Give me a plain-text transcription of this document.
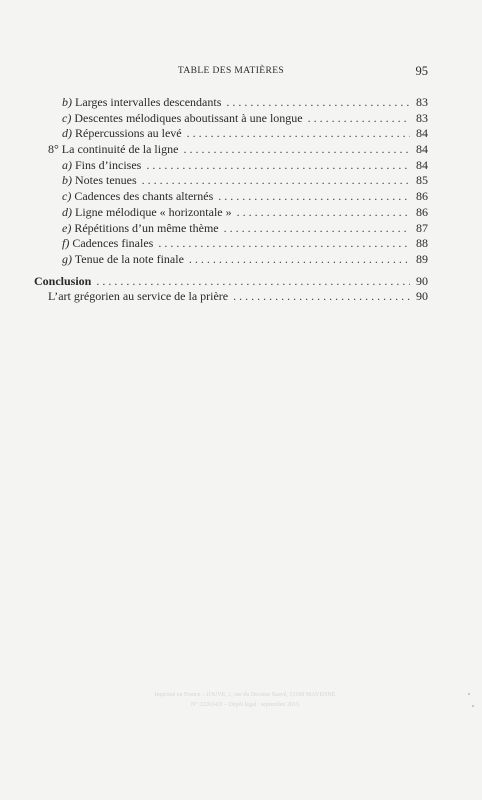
TABLE DES MATIÈRES	95
b) Larges intervalles descendants . . .	83
c) Descentes mélodiques aboutissant à une longue . . .	83
d) Répercussions au levé . . .	84
8° La continuité de la ligne . . .	84
a) Fins d’incises . . .	84
b) Notes tenues . . .	85
c) Cadences des chants alternés . . .	86
d) Ligne mélodique « horizontale » . . .	86
e) Répétitions d’un même thème . . .	87
f) Cadences finales . . .	88
g) Tenue de la note finale . . .	89
Conclusion . . .	90
L’art grégorien au service de la prière . . .	90
Imprimé en France – JOUVE, 1, rue du Docteur Sauvé, 53100 MAYENNE
N° 2226343J – Dépôt légal : septembre 2015
